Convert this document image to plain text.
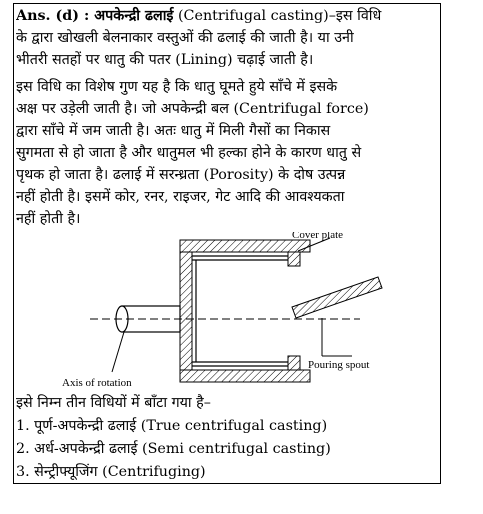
Ans. (d) : अपकेन्द्री ढलाई (Centrifugal casting)–इस विधि
के द्वारा खोखली बेलनाकार वस्तुओं की ढलाई की जाती है। या उनी
भीतरी सतहों पर धातु की पतर (Lining) चढ़ाई जाती है।
इस विधि का विशेष गुण यह है कि धातु घूमते हुये साँचे में इसके
अक्ष पर उड़ेली जाती है। जो अपकेन्द्री बल (Centrifugal force)
द्वारा साँचे में जम जाती है। अतः धातु में मिली गैसों का निकास
सुगमता से हो जाता है और धातुमल भी हल्का होने के कारण धातु से
पृथक हो जाता है। ढलाई में सरन्ध्रता (Porosity) के दोष उत्पन्न
नहीं होती है। इसमें कोर, रनर, राइजर, गेट आदि की आवश्यकता
नहीं होती है।
Cover plate
Pouring spout
Axis of rotation
इसे निम्न तीन विधियों में बाँटा गया है–
1. पूर्ण-अपकेन्द्री ढलाई (True centrifugal casting)
2. अर्ध-अपकेन्द्री ढलाई (Semi centrifugal casting)
3. सेन्ट्रीफ्यूजिंग (Centrifuging)
